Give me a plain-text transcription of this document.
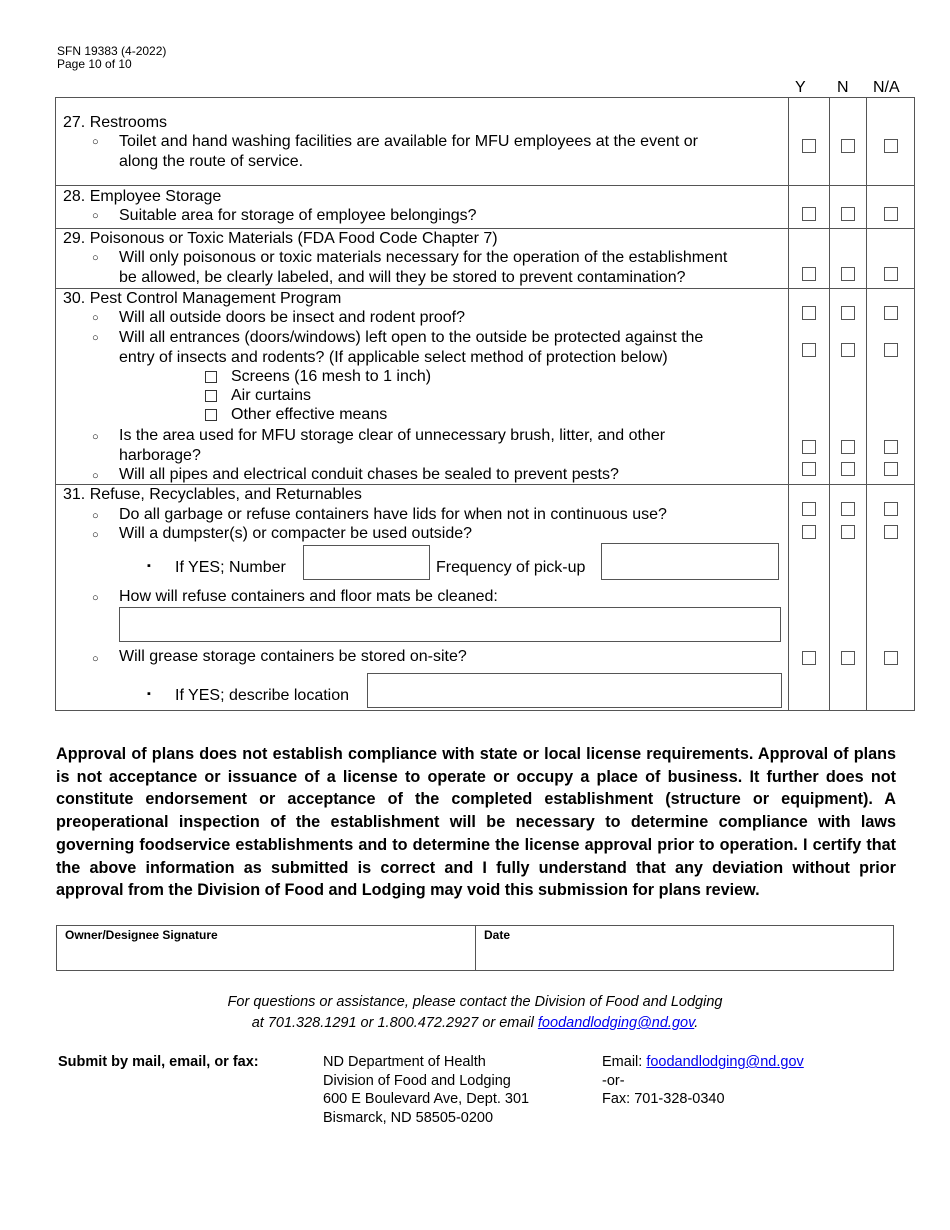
SFN 19383 (4-2022)
Page 10 of 10
Y N N/A
27. Restrooms
○ Toilet and hand washing facilities are available for MFU employees at the event or
along the route of service.
28. Employee Storage
○ Suitable area for storage of employee belongings?
29. Poisonous or Toxic Materials (FDA Food Code Chapter 7)
○ Will only poisonous or toxic materials necessary for the operation of the establishment
be allowed, be clearly labeled, and will they be stored to prevent contamination?
30. Pest Control Management Program
○ Will all outside doors be insect and rodent proof?
○ Will all entrances (doors/windows) left open to the outside be protected against the
entry of insects and rodents? (If applicable select method of protection below)
Screens (16 mesh to 1 inch)
Air curtains
Other effective means
○ Is the area used for MFU storage clear of unnecessary brush, litter, and other
harborage?
○ Will all pipes and electrical conduit chases be sealed to prevent pests?
31. Refuse, Recyclables, and Returnables
○ Do all garbage or refuse containers have lids for when not in continuous use?
○ Will a dumpster(s) or compacter be used outside?
▪ If YES; Number	Frequency of pick-up
○ How will refuse containers and floor mats be cleaned:
○ Will grease storage containers be stored on-site?
▪ If YES; describe location
Approval of plans does not establish compliance with state or local license requirements. Approval of plans is not acceptance or issuance of a license to operate or occupy a place of business. It further does not constitute endorsement or acceptance of the completed establishment (structure or equipment). A preoperational inspection of the establishment will be necessary to determine compliance with laws governing foodservice establishments and to determine the license approval prior to operation. I certify that the above information as submitted is correct and I fully understand that any deviation without prior approval from the Division of Food and Lodging may void this submission for plans review.
Owner/Designee Signature	Date
For questions or assistance, please contact the Division of Food and Lodging
at 701.328.1291 or 1.800.472.2927 or email foodandlodging@nd.gov.
Submit by mail, email, or fax:	ND Department of Health
Division of Food and Lodging
600 E Boulevard Ave, Dept. 301
Bismarck, ND 58505-0200
Email: foodandlodging@nd.gov
-or-
Fax: 701-328-0340
